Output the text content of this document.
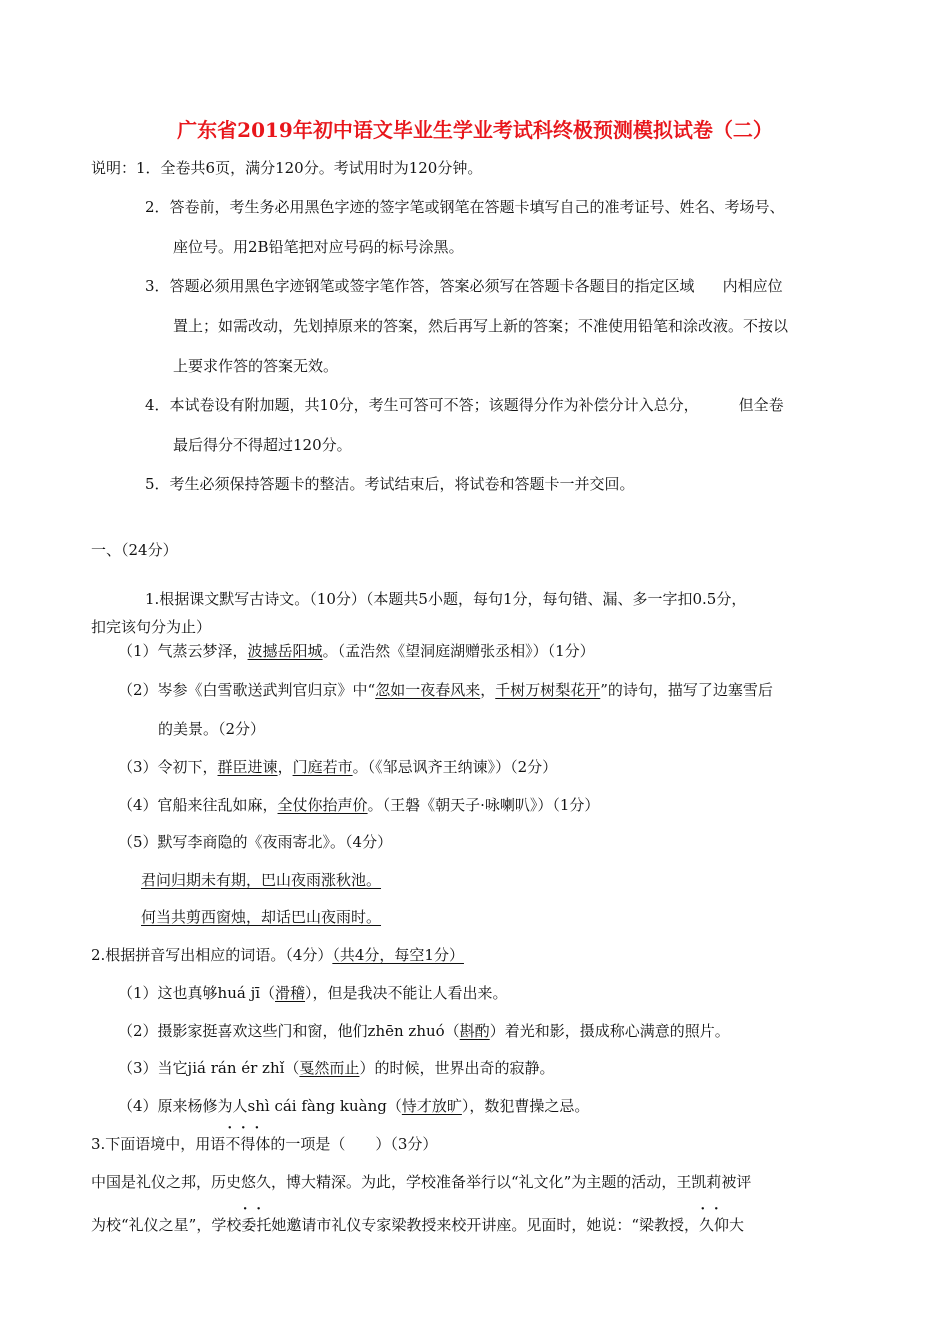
广东省2019年初中语文毕业生学业考试科终极预测模拟试卷（二）
说明：1．全卷共6页，满分120分。考试用时为120分钟。
2．答卷前，考生务必用黑色字迹的签字笔或钢笔在答题卡填写自己的准考证号、姓名、考场号、
座位号。用2B铅笔把对应号码的标号涂黑。
3．答题必须用黑色字迹钢笔或签字笔作答，答案必须写在答题卡各题目的指定区域 内相应位
置上；如需改动，先划掉原来的答案，然后再写上新的答案；不准使用铅笔和涂改液。不按以
上要求作答的答案无效。
4．本试卷设有附加题，共10分，考生可答可不答；该题得分作为补偿分计入总分，	但全卷
最后得分不得超过120分。
5．考生必须保持答题卡的整洁。考试结束后，将试卷和答题卡一并交回。
一、（24分）
1.根据课文默写古诗文。（10分）（本题共5小题，每句1分，每句错、漏、多一字扣0.5分，
扣完该句分为止）
（1）气蒸云梦泽，波撼岳阳城。（孟浩然《望洞庭湖赠张丞相》）（1分）
（2）岑参《白雪歌送武判官归京》中“忽如一夜春风来，千树万树梨花开”的诗句，描写了边塞雪后
的美景。（2分）
（3）令初下，群臣进谏，门庭若市。（《邹忌讽齐王纳谏》）（2分）
（4）官船来往乱如麻，全仗你抬声价。（王磐《朝天子·咏喇叭》）（1分）
（5）默写李商隐的《夜雨寄北》。（4分）
君问归期未有期，巴山夜雨涨秋池。
何当共剪西窗烛，却话巴山夜雨时。
2.根据拼音写出相应的词语。（4分）（共4分，每空1分）
（1）这也真够huá jī（滑稽），但是我决不能让人看出来。
（2）摄影家挺喜欢这些门和窗，他们zhēn zhuó（斟酌）着光和影，摄成称心满意的照片。
（3）当它jiá rán ér zhǐ（戛然而止）的时候，世界出奇的寂静。
（4）原来杨修为人shì cái fàng kuàng（恃才放旷），数犯曹操之忌。
3.下面语境中，用语不得体
···
的一项是（　　）（3分）
中国是礼仪之邦，历史悠久，博大精深。为此，学校准备举行以“礼文化”为主题的活动，王凯莉被评
为校“礼仪之星”，学校委托
··
她邀请市礼仪专家梁教授来校开讲座。见面时，她说：“梁教授，久仰
··
大
